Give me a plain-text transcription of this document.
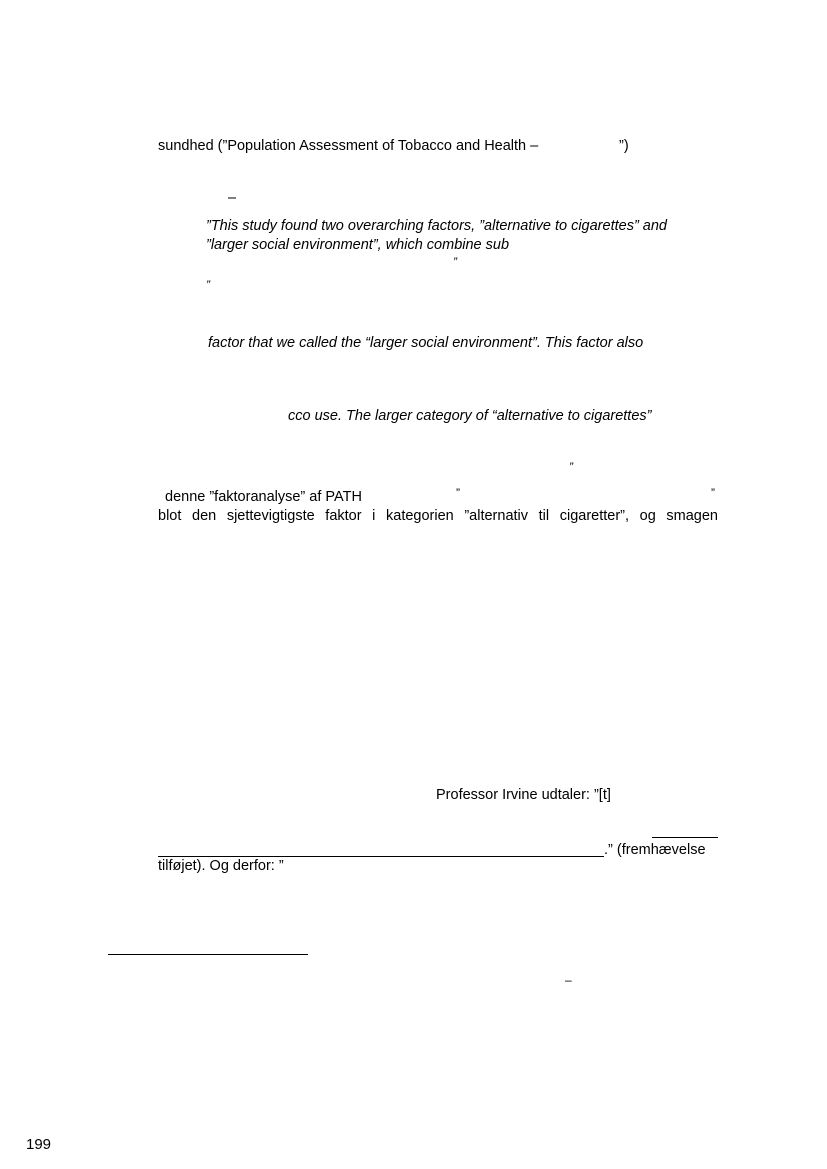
sundhed (”Population Assessment of Tobacco and Health –	”)
–
”This study found two overarching factors, ”alternative to cigarettes” and
”larger social environment”, which combine sub
”
”
factor that we called the “larger social environment”. This factor also
cco use. The larger category of “alternative to cigarettes”
”
denne ”faktoranalyse” af PATH	”	”
blot den sjettevigtigste faktor i kategorien ”alternativ til cigaretter”, og smagen
Professor Irvine udtaler: ”[t]
.” (fremhævelse
tilføjet). Og derfor: ”
–
199
